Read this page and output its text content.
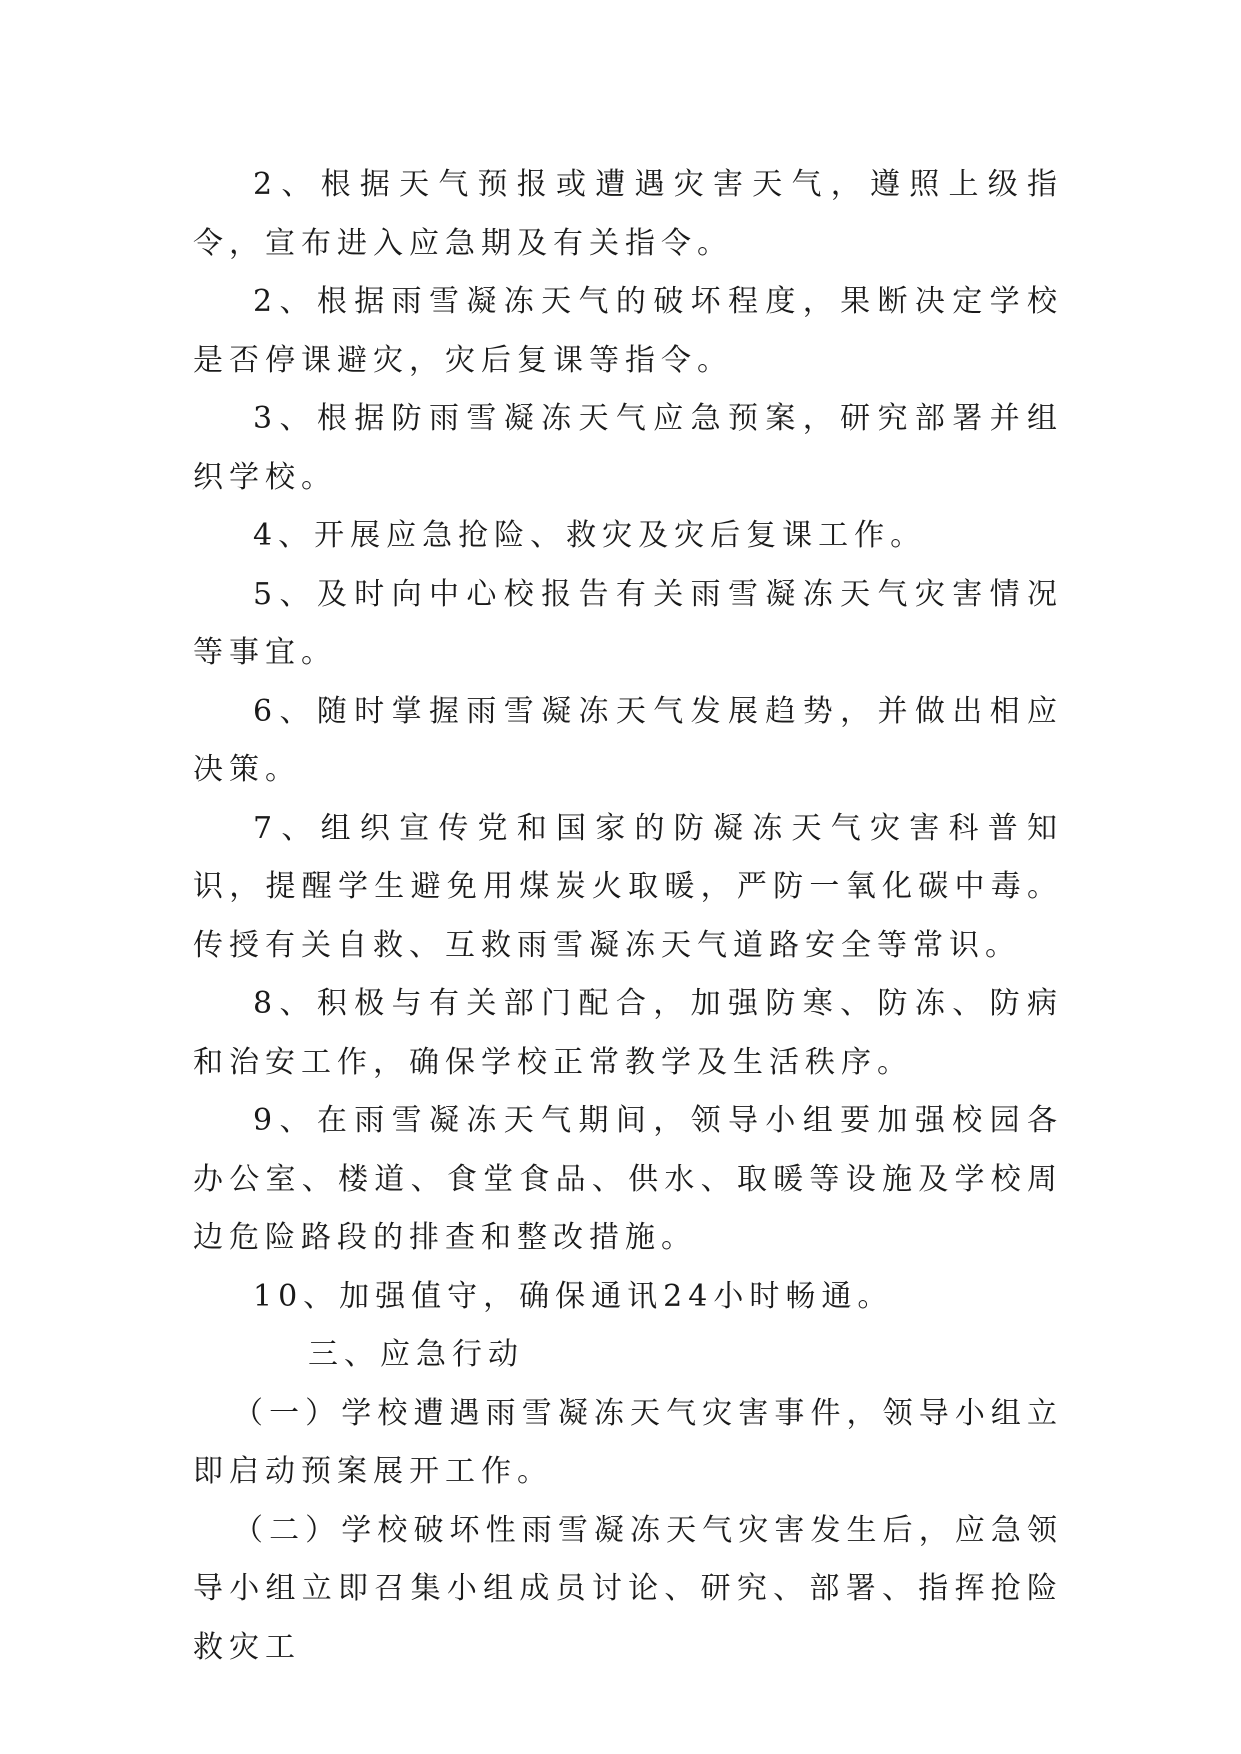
2、根据天气预报或遭遇灾害天气，遵照上级指令，宣布进入应急期及有关指令。

2、根据雨雪凝冻天气的破坏程度，果断决定学校是否停课避灾，灾后复课等指令。

3、根据防雨雪凝冻天气应急预案，研究部署并组织学校。

4、开展应急抢险、救灾及灾后复课工作。

5、及时向中心校报告有关雨雪凝冻天气灾害情况等事宜。

6、随时掌握雨雪凝冻天气发展趋势，并做出相应决策。

7、组织宣传党和国家的防凝冻天气灾害科普知识，提醒学生避免用煤炭火取暖，严防一氧化碳中毒。传授有关自救、互救雨雪凝冻天气道路安全等常识。

8、积极与有关部门配合，加强防寒、防冻、防病和治安工作，确保学校正常教学及生活秩序。

9、在雨雪凝冻天气期间，领导小组要加强校园各办公室、楼道、食堂食品、供水、取暖等设施及学校周边危险路段的排查和整改措施。

10、加强值守，确保通讯24小时畅通。

三、应急行动

（一）学校遭遇雨雪凝冻天气灾害事件，领导小组立即启动预案展开工作。

（二）学校破坏性雨雪凝冻天气灾害发生后，应急领导小组立即召集小组成员讨论、研究、部署、指挥抢险救灾工
